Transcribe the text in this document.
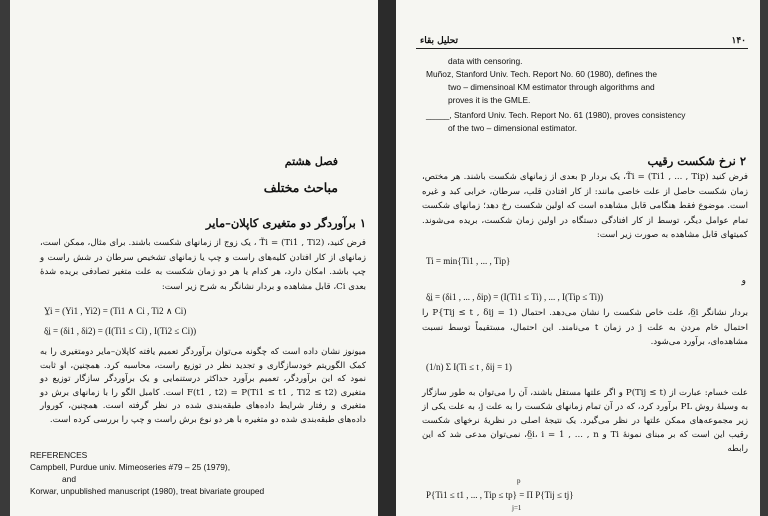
فصل هشتم
مباحث مختلف
۱ برآوردگر دو متغیری کاپلان–مایر
فرض کنید، (T̃i = (Ti1 , Ti2 ، یک زوج از زمانهای شکست باشند. برای مثال، ممکن است، زمانهای از کار افتادن کلیه‌های راست و چپ یا زمانهای تشخیص سرطان در شش راست و چپ باشد. امکان دارد، هر کدام یا هر دو زمان شکست به علت متغیر تصادفی بریده شدهٔ بعدی Ci، قابل مشاهده و بردار نشانگر به شرح زیر است:
Y̲i = (Yi1 , Yi2) = (Ti1 ∧ Ci , Ti2 ∧ Ci)
δ̲i = (δi1 , δi2) = (I(Ti1 ≤ Ci) , I(Ti2 ≤ Ci))
میونوز نشان داده است که چگونه می‌توان برآوردگر تعمیم یافته کاپلان–مایر دومتغیری را به کمک الگوریتم خودسازگاری و تجدید نظر در توزیع راست، محاسبه کرد. همچنین، او ثابت نمود که این برآوردگر، تعمیم برآورد حداکثر درستنمایی و یک برآوردگر سازگار توزیع دو متغیری (F(t1 , t2) = P(Ti1 ≤ t1 , Ti2 ≤ t2 است. کامبل الگو را با زمانهای برش دو متغیری و رفتار شرایط داده‌های طبقه‌بندی شده در نظر گرفته است. همچنین، کوروار داده‌های طبقه‌بندی شده دو متغیره با هر دو نوع برش راست و چپ را بررسی کرده است.
REFERENCES
Campbell, Purdue univ. Mimeoseries #79 – 25 (1979),
and
Korwar, unpublished manuscript (1980), treat bivariate grouped
۱۴۰
تحلیل بقاء
data with censoring.
Muñoz, Stanford Univ. Tech. Report No. 60 (1980), defines the
two – dimensinoal KM estimator through algorithms and
proves it is the GMLE.
_____, Stanford Univ. Tech. Report No. 61 (1980), proves consistency
of the two – dimensional estimator.
۲ نرخ شکست رقیب
فرض کنید (T̃i = (Ti1 , ... , Tip، یک بردار p بعدی از زمانهای شکست باشند. هر مختص، زمان شکست حاصل از علت خاصی مانند: از کار افتادن قلب، سرطان، خرابی کبد و غیره است. موضوع فقط هنگامی قابل مشاهده است که اولین شکست رخ دهد؛ زمانهای شکست تمام عوامل دیگر، توسط از کار افتادگی دستگاه در اولین زمان شکست، بریده می‌شوند. کمیتهای قابل مشاهده به صورت زیر است:
Ti = min{Ti1 , ... , Tip}
و
δ̲i = (δi1 , ... , δip) = (I(Ti1 ≤ Ti) , ... , I(Tip ≤ Ti))
بردار نشانگر δ̲i، علت خاص شکست را نشان می‌دهد. احتمال (P{Tij ≤ t , δij = 1 را احتمال خام مردن به علت j در زمان t می‌نامند. این احتمال، مستقیماً توسط نسبت مشاهده‌ای، برآورد می‌شود.
(1/n) Σ I(Ti ≤ t , δij = 1)
علت خسام: عبارت از (P(Tij ≤ t و اگر علتها مستقل باشند، آن را می‌توان به طور سازگار به وسیلهٔ روش PL برآورد کرد، که در آن تمام زمانهای شکست را به علت j، به علت یکی از زیر مجموعه‌های ممکن علتها در نظر می‌گیرد. یک نتیجهٔ اصلی در نظریهٔ نرخهای شکست رقیب این است که بر مبنای نمونهٔ Ti و δ̲i، i = 1 , ... , n، نمی‌توان مدعی شد که این رابطه
P{Ti1 ≤ t1 , ... , Tip ≤ tp} = Π P{Tij ≤ tj}
p
j=1
